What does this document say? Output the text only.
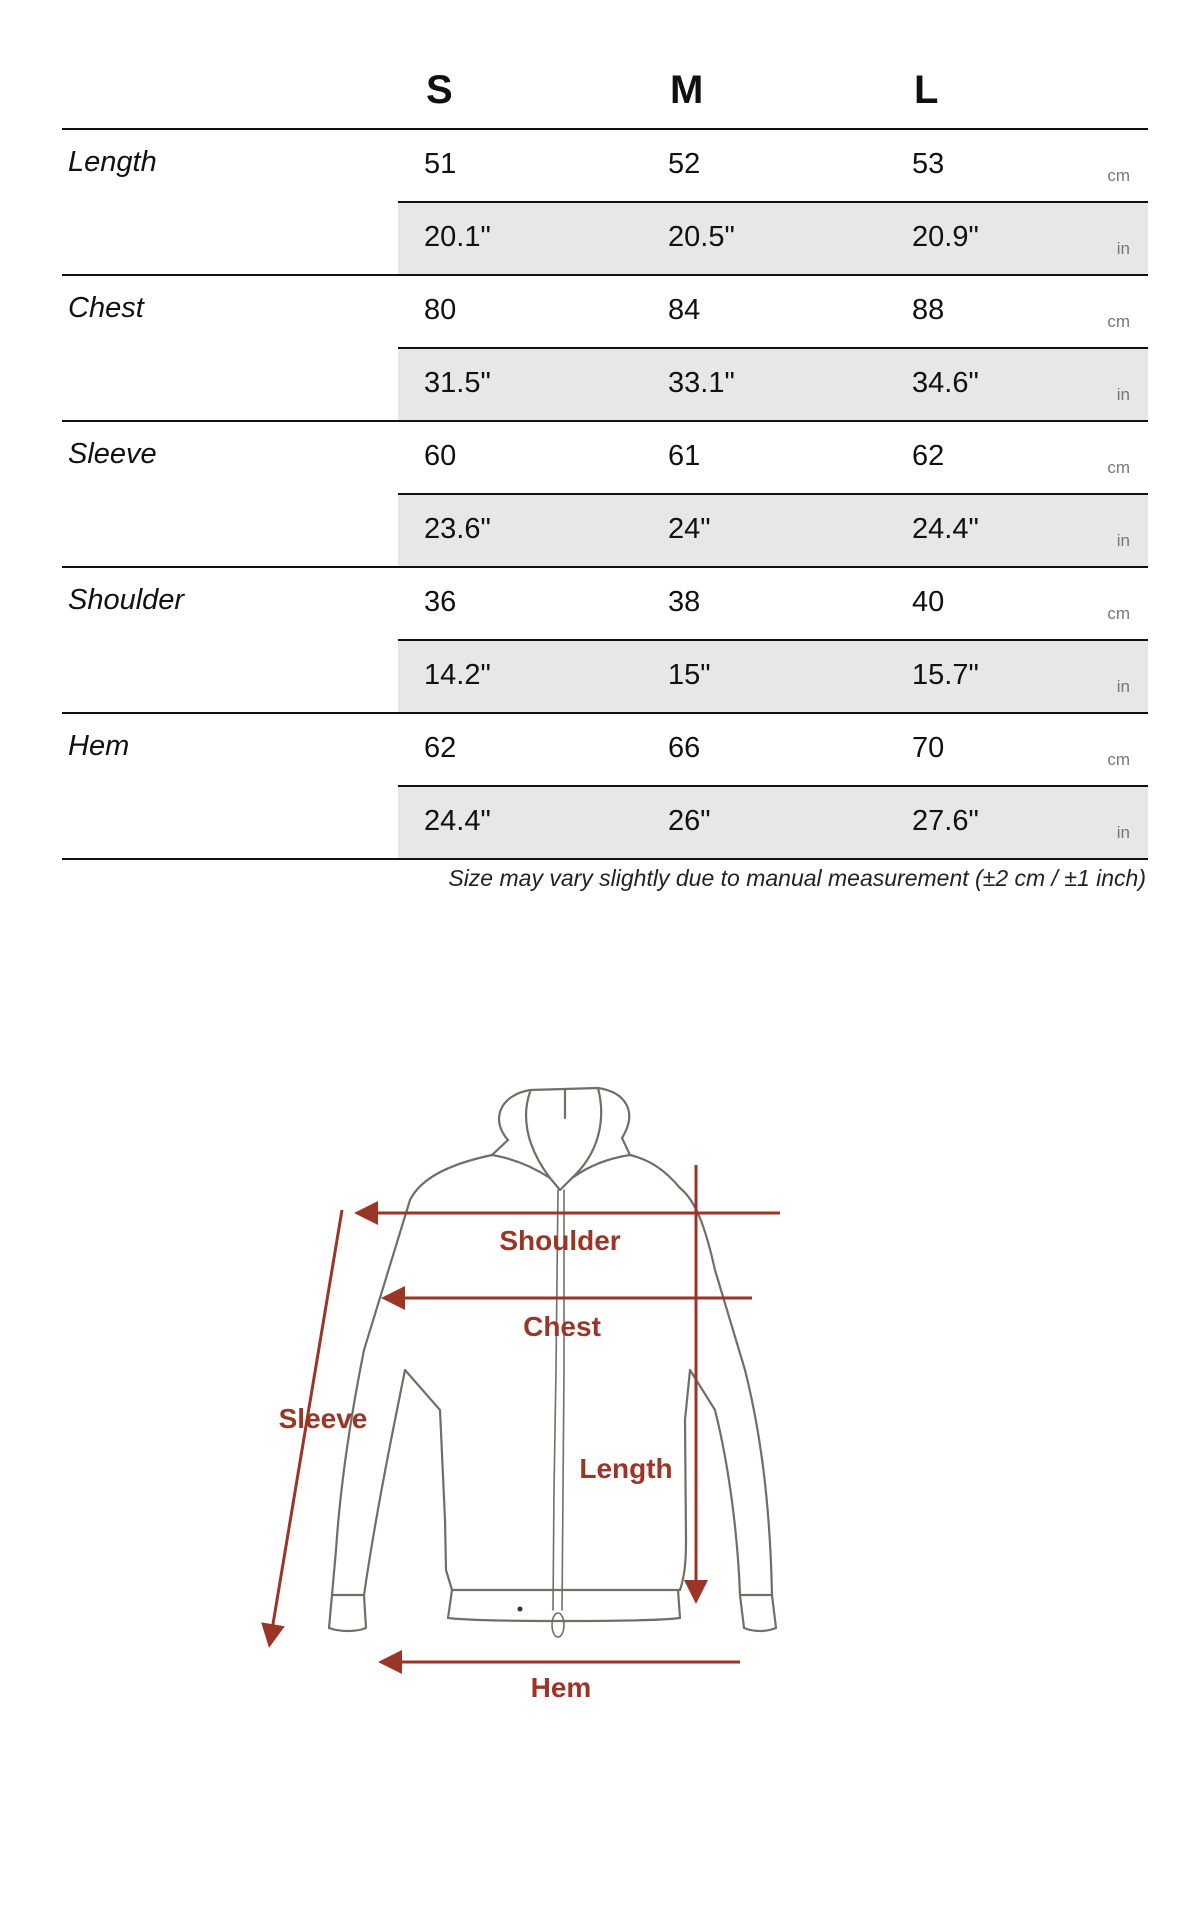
S	M	L
Length	51	52	53	cm
20.1"	20.5"	20.9"	in
Chest	80	84	88	cm
31.5"	33.1"	34.6"	in
Sleeve	60	61	62	cm
23.6"	24"	24.4"	in
Shoulder	36	38	40	cm
14.2"	15"	15.7"	in
Hem	62	66	70	cm
24.4"	26"	27.6"	in
Size may vary slightly due to manual measurement (±2 cm / ±1 inch)
Shoulder
Chest
Length
Sleeve
Hem
